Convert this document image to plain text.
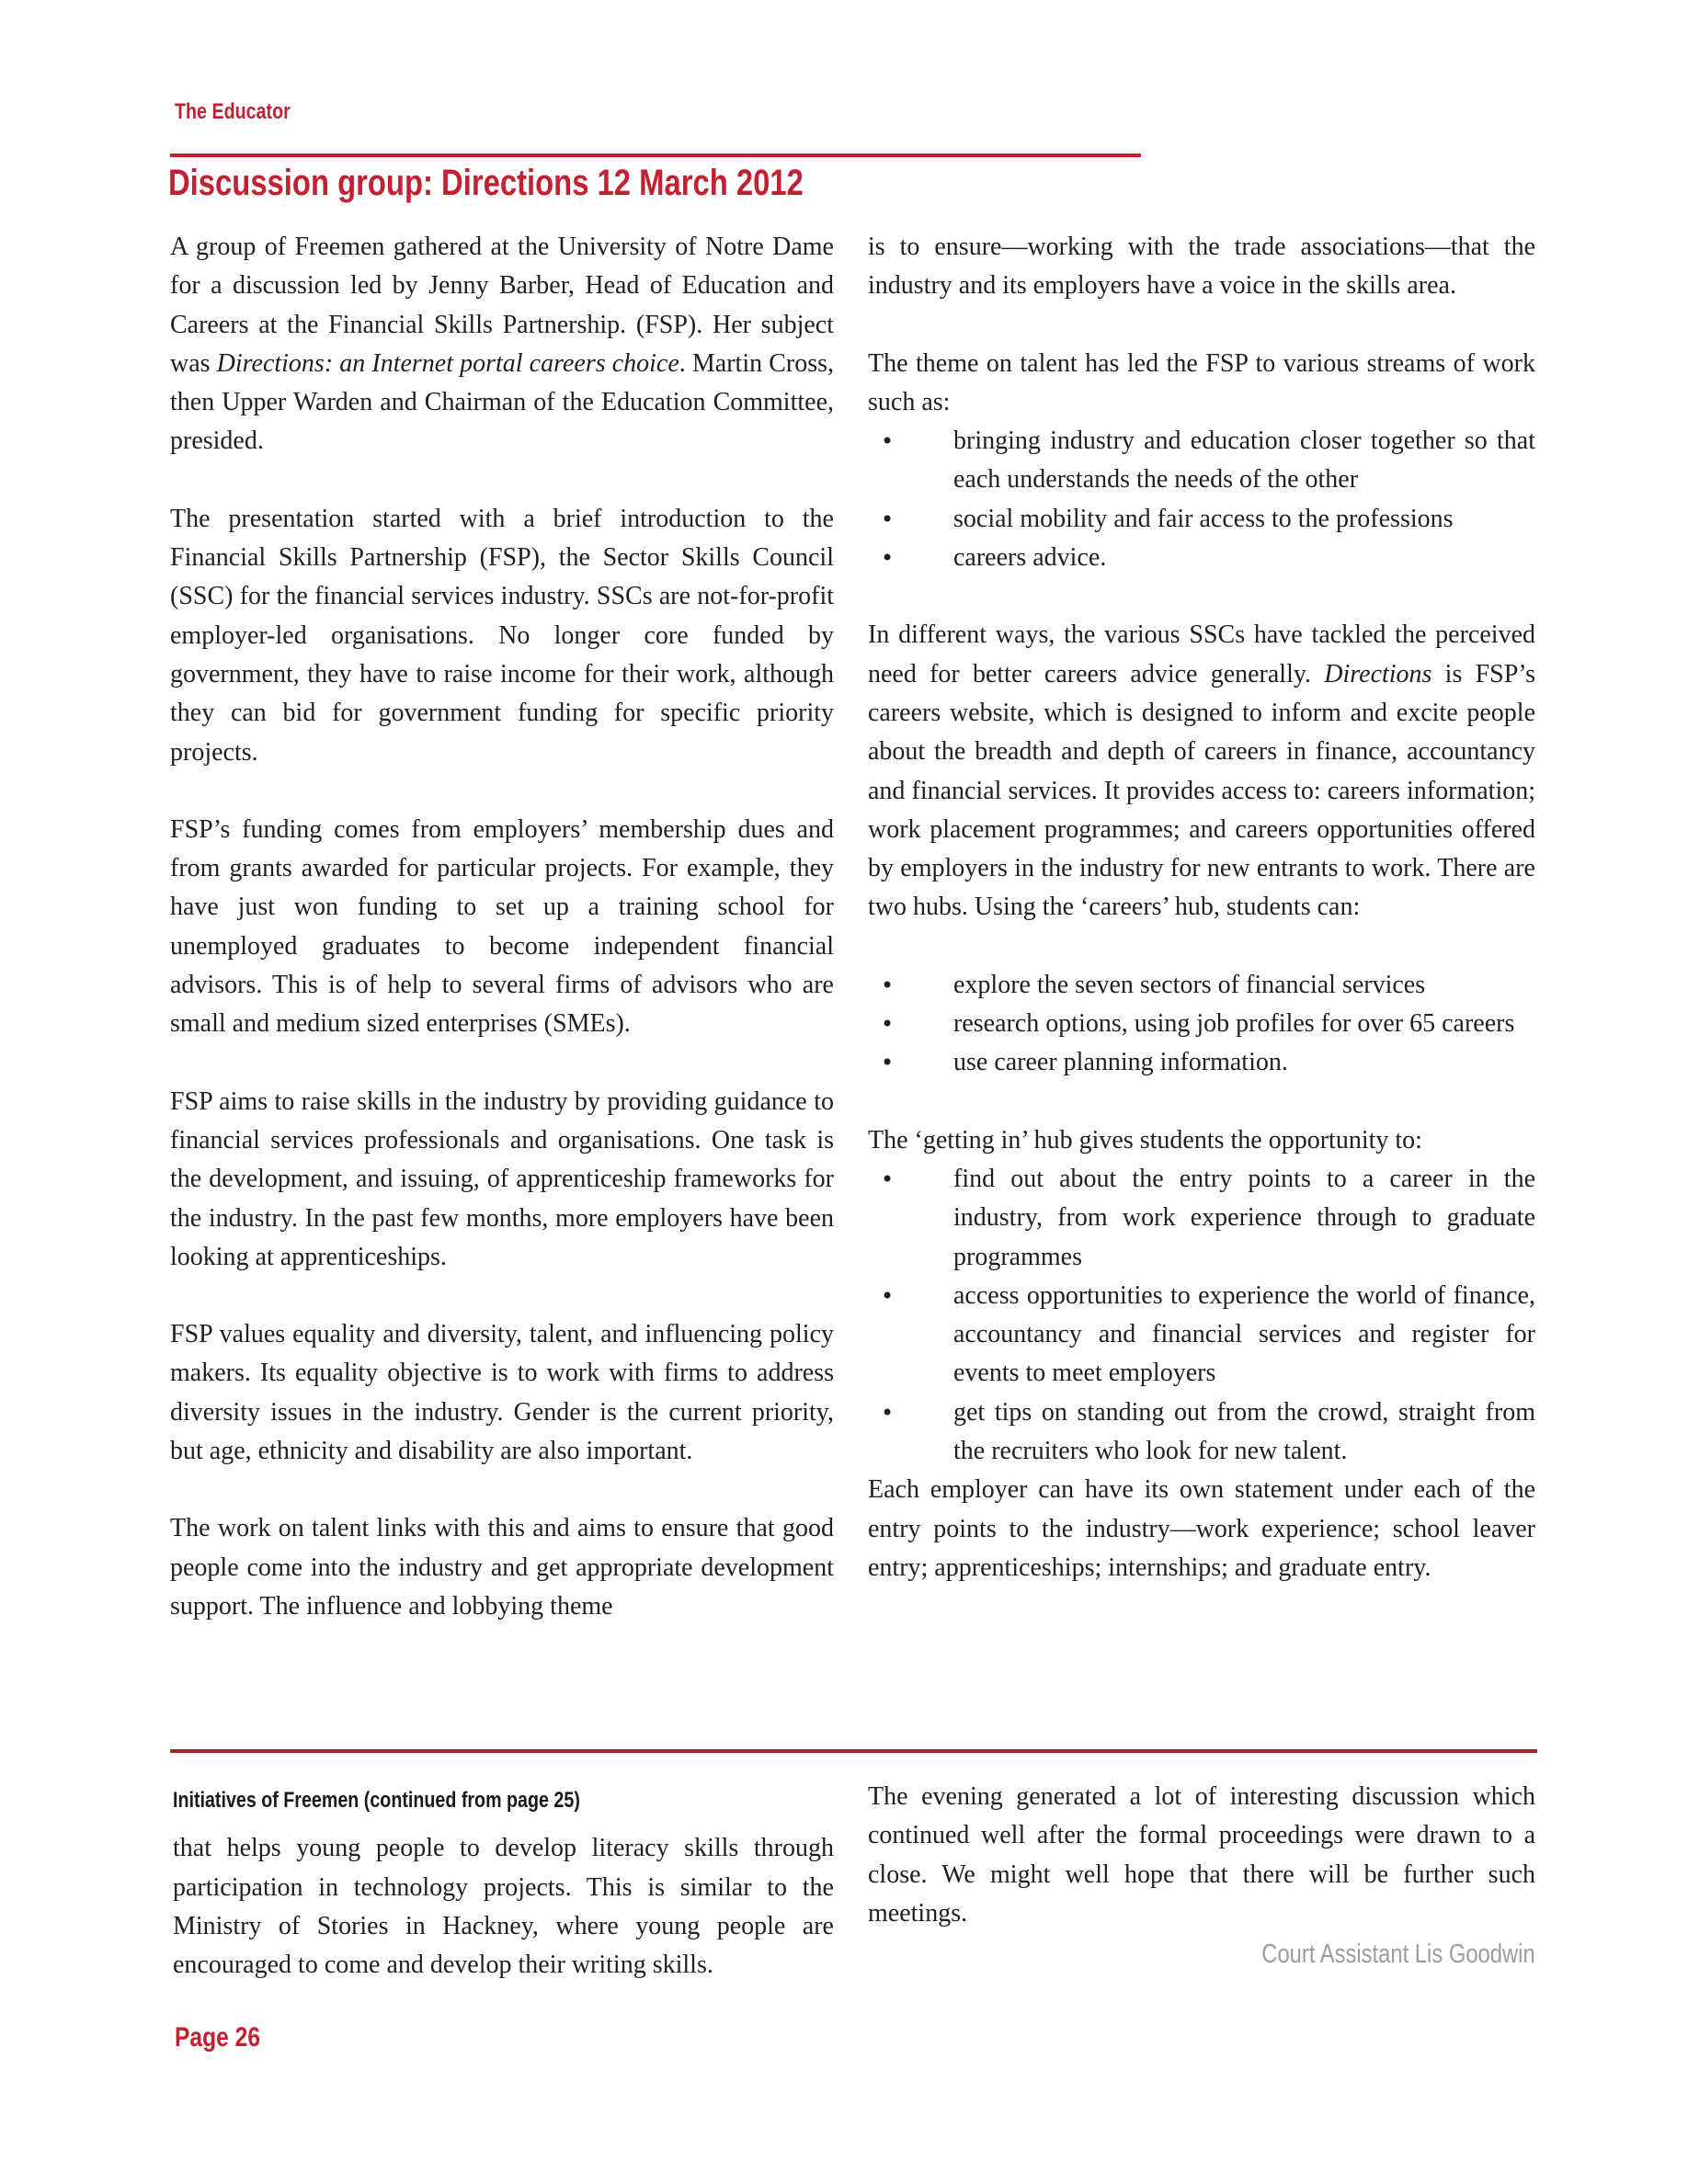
The Educator
Discussion group: Directions 12 March 2012

A group of Freemen gathered at the University of Notre Dame for a discussion led by Jenny Barber, Head of Education and Careers at the Financial Skills Partnership. (FSP). Her subject was Directions: an Internet portal careers choice. Martin Cross, then Upper Warden and Chairman of the Education Committee, presided.

The presentation started with a brief introduction to the Financial Skills Partnership (FSP), the Sector Skills Council (SSC) for the financial services industry. SSCs are not-for-profit employer-led organisations. No longer core funded by government, they have to raise income for their work, although they can bid for government funding for specific priority projects.

FSP’s funding comes from employers’ membership dues and from grants awarded for particular projects. For example, they have just won funding to set up a training school for unemployed graduates to become independent financial advisors. This is of help to several firms of advisors who are small and medium sized enterprises (SMEs).

FSP aims to raise skills in the industry by providing guidance to financial services professionals and organisations. One task is the development, and issuing, of apprenticeship frameworks for the industry. In the past few months, more employers have been looking at apprenticeships.

FSP values equality and diversity, talent, and influencing policy makers. Its equality objective is to work with firms to address diversity issues in the industry. Gender is the current priority, but age, ethnicity and disability are also important.

The work on talent links with this and aims to ensure that good people come into the industry and get appropriate development support. The influence and lobbying theme

is to ensure—working with the trade associations—that the industry and its employers have a voice in the skills area.

The theme on talent has led the FSP to various streams of work such as:

• bringing industry and education closer together so that each understands the needs of the other
• social mobility and fair access to the professions
• careers advice.

In different ways, the various SSCs have tackled the perceived need for better careers advice generally. Directions is FSP’s careers website, which is designed to inform and excite people about the breadth and depth of careers in finance, accountancy and financial services. It provides access to: careers information; work placement programmes; and careers opportunities offered by employers in the industry for new entrants to work. There are two hubs. Using the ‘careers’ hub, students can:

• explore the seven sectors of financial services
• research options, using job profiles for over 65 careers
• use career planning information.

The ‘getting in’ hub gives students the opportunity to:

• find out about the entry points to a career in the industry, from work experience through to graduate programmes
• access opportunities to experience the world of finance, accountancy and financial services and register for events to meet employers
• get tips on standing out from the crowd, straight from the recruiters who look for new talent.

Each employer can have its own statement under each of the entry points to the industry—work experience; school leaver entry; apprenticeships; internships; and graduate entry.

Initiatives of Freemen (continued from page 25)

that helps young people to develop literacy skills through participation in technology projects. This is similar to the Ministry of Stories in Hackney, where young people are encouraged to come and develop their writing skills.

The evening generated a lot of interesting discussion which continued well after the formal proceedings were drawn to a close. We might well hope that there will be further such meetings.

Court Assistant Lis Goodwin
Page 26
